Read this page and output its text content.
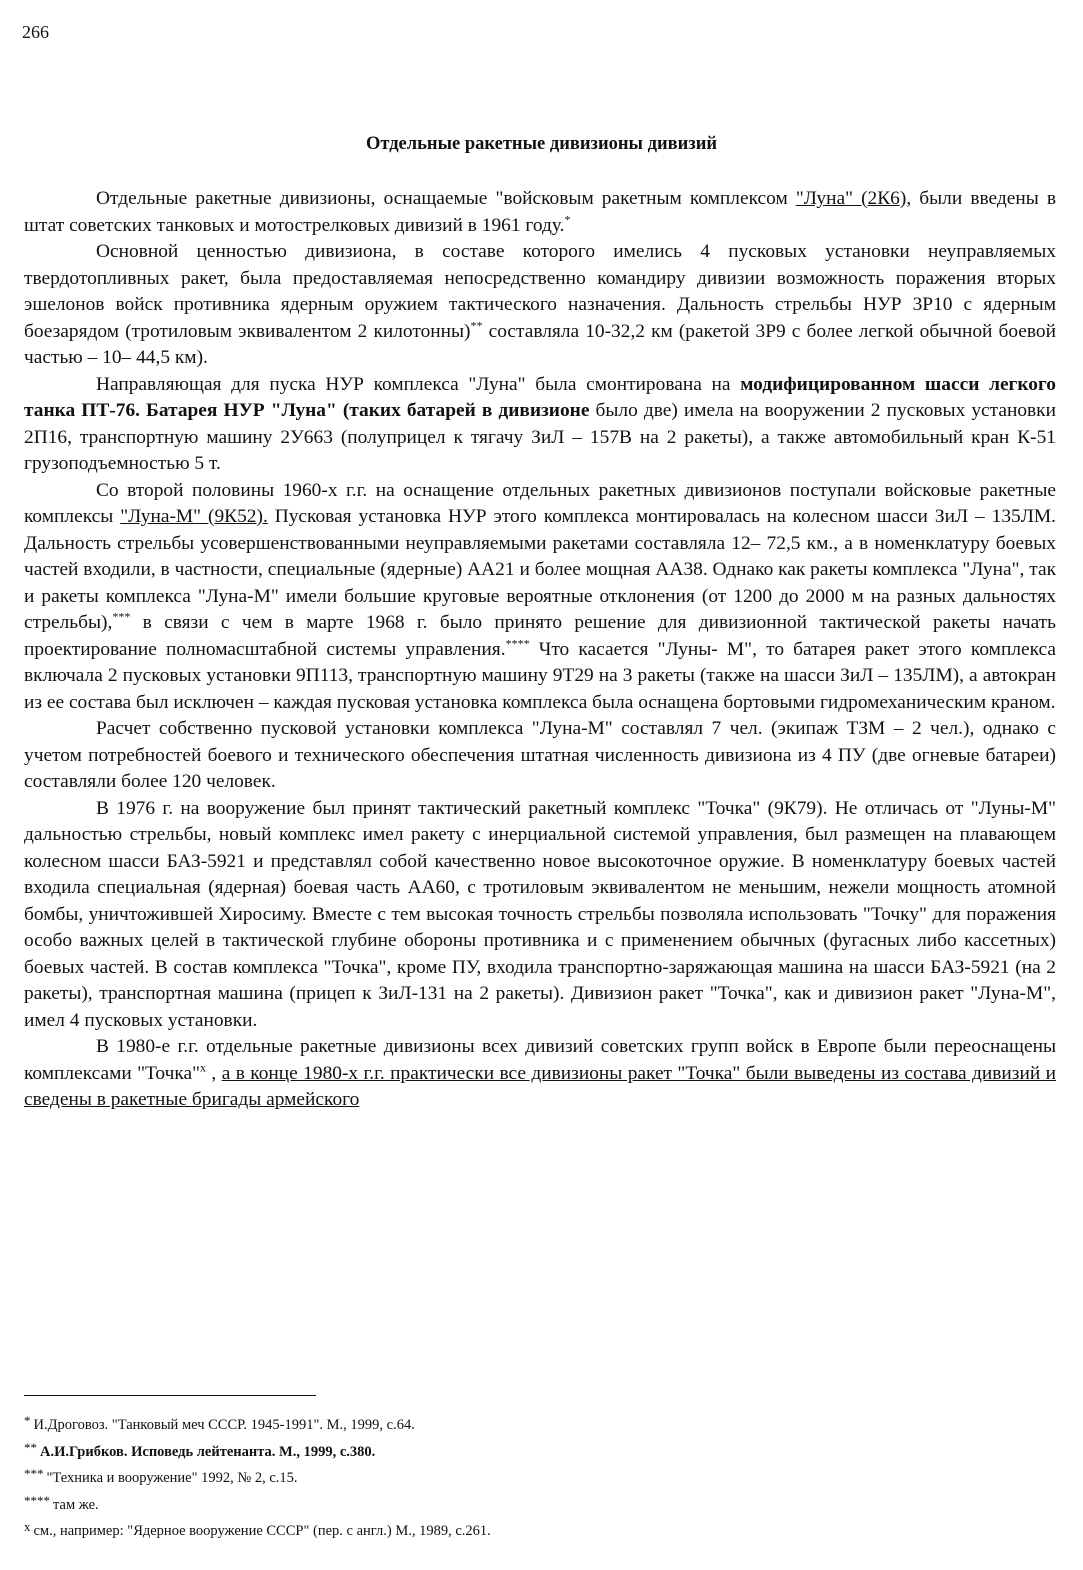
266
Отдельные ракетные дивизионы дивизий

Отдельные ракетные дивизионы, оснащаемые "войсковым ракетным комплексом "Луна" (2К6), были введены в штат советских танковых и мотострелковых дивизий в 1961 году.*

Основной ценностью дивизиона, в составе которого имелись 4 пусковых установки неуправляемых твердотопливных ракет, была предоставляемая непосредственно командиру дивизии возможность поражения вторых эшелонов войск противника ядерным оружием тактического назначения. Дальность стрельбы НУР 3Р10 с ядерным боезарядом (тротиловым эквивалентом 2 килотонны)** составляла 10-32,2 км (ракетой 3Р9 с более легкой обычной боевой частью – 10– 44,5 км).

Направляющая для пуска НУР комплекса "Луна" была смонтирована на модифицированном шасси легкого танка ПТ-76. Батарея НУР "Луна" (таких батарей в дивизионе было две) имела на вооружении 2 пусковых установки 2П16, транспортную машину 2У663 (полуприцел к тягачу ЗиЛ – 157В на 2 ракеты), а также автомобильный кран К-51 грузоподъемностью 5 т.

Со второй половины 1960-х г.г. на оснащение отдельных ракетных дивизионов поступали войсковые ракетные комплексы "Луна-М" (9К52). Пусковая установка НУР этого комплекса монтировалась на колесном шасси ЗиЛ – 135ЛМ. Дальность стрельбы усовершенствованными неуправляемыми ракетами составляла 12– 72,5 км., а в номенклатуру боевых частей входили, в частности, специальные (ядерные) АА21 и более мощная АА38. Однако как ракеты комплекса "Луна", так и ракеты комплекса "Луна-М" имели большие круговые вероятные отклонения (от 1200 до 2000 м на разных дальностях стрельбы),*** в связи с чем в марте 1968 г. было принято решение для дивизионной тактической ракеты начать проектирование полномасштабной системы управления.**** Что касается "Луны- М", то батарея ракет этого комплекса включала 2 пусковых установки 9П113, транспортную машину 9Т29 на 3 ракеты (также на шасси ЗиЛ – 135ЛМ), а автокран из ее состава был исключен – каждая пусковая установка комплекса была оснащена бортовыми гидромеханическим краном.

Расчет собственно пусковой установки комплекса "Луна-М" составлял 7 чел. (экипаж ТЗМ – 2 чел.), однако с учетом потребностей боевого и технического обеспечения штатная численность дивизиона из 4 ПУ (две огневые батареи) составляли более 120 человек.

В 1976 г. на вооружение был принят тактический ракетный комплекс "Точка" (9К79). Не отличась от "Луны-М" дальностью стрельбы, новый комплекс имел ракету с инерциальной системой управления, был размещен на плавающем колесном шасси БАЗ-5921 и представлял собой качественно новое высокоточное оружие. В номенклатуру боевых частей входила специальная (ядерная) боевая часть АА60, с тротиловым эквивалентом не меньшим, нежели мощность атомной бомбы, уничтожившей Хиросиму. Вместе с тем высокая точность стрельбы позволяла использовать "Точку" для поражения особо важных целей в тактической глубине обороны противника и с применением обычных (фугасных либо кассетных) боевых частей. В состав комплекса "Точка", кроме ПУ, входила транспортно-заряжающая машина на шасси БАЗ-5921 (на 2 ракеты), транспортная машина (прицеп к ЗиЛ-131 на 2 ракеты). Дивизион ракет "Точка", как и дивизион ракет "Луна-М", имел 4 пусковых установки.

В 1980-е г.г. отдельные ракетные дивизионы всех дивизий советских групп войск в Европе были переоснащены комплексами "Точка"$^x$ , а в конце 1980-х г.г. практически все дивизионы ракет "Точка" были выведены из состава дивизий и сведены в ракетные бригады армейского

* И.Дроговоз. "Танковый меч СССР. 1945-1991". М., 1999, с.64.

** А.И.Грибков. Исповедь лейтенанта. М., 1999, с.380.

*** "Техника и вооружение" 1992, № 2, с.15.

**** там же.

x см., например: "Ядерное вооружение СССР" (пер. с англ.) М., 1989, с.261.
